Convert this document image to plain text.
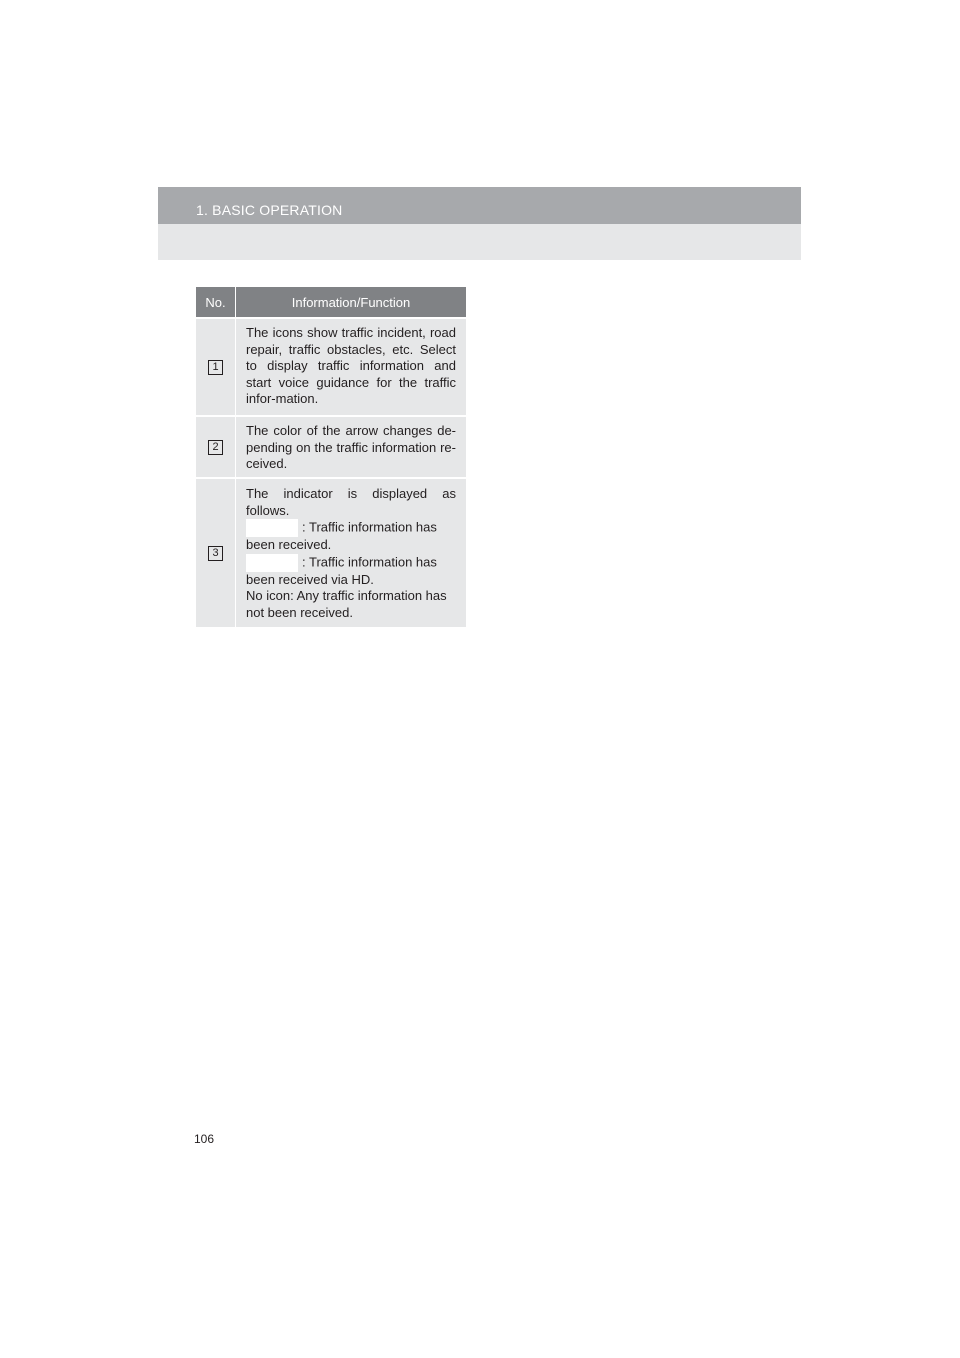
1. BASIC OPERATION
No.	Information/Function
1

The icons show traffic incident, road repair, traffic obstacles, etc. Select to display traffic information and start voice guidance for the traffic infor-mation.

2

The color of the arrow changes de-pending on the traffic information re-ceived.

3

The indicator is displayed as follows.

: Traffic information has

been received.

: Traffic information has

been received via HD.

No icon: Any traffic information has

not been received.

106
